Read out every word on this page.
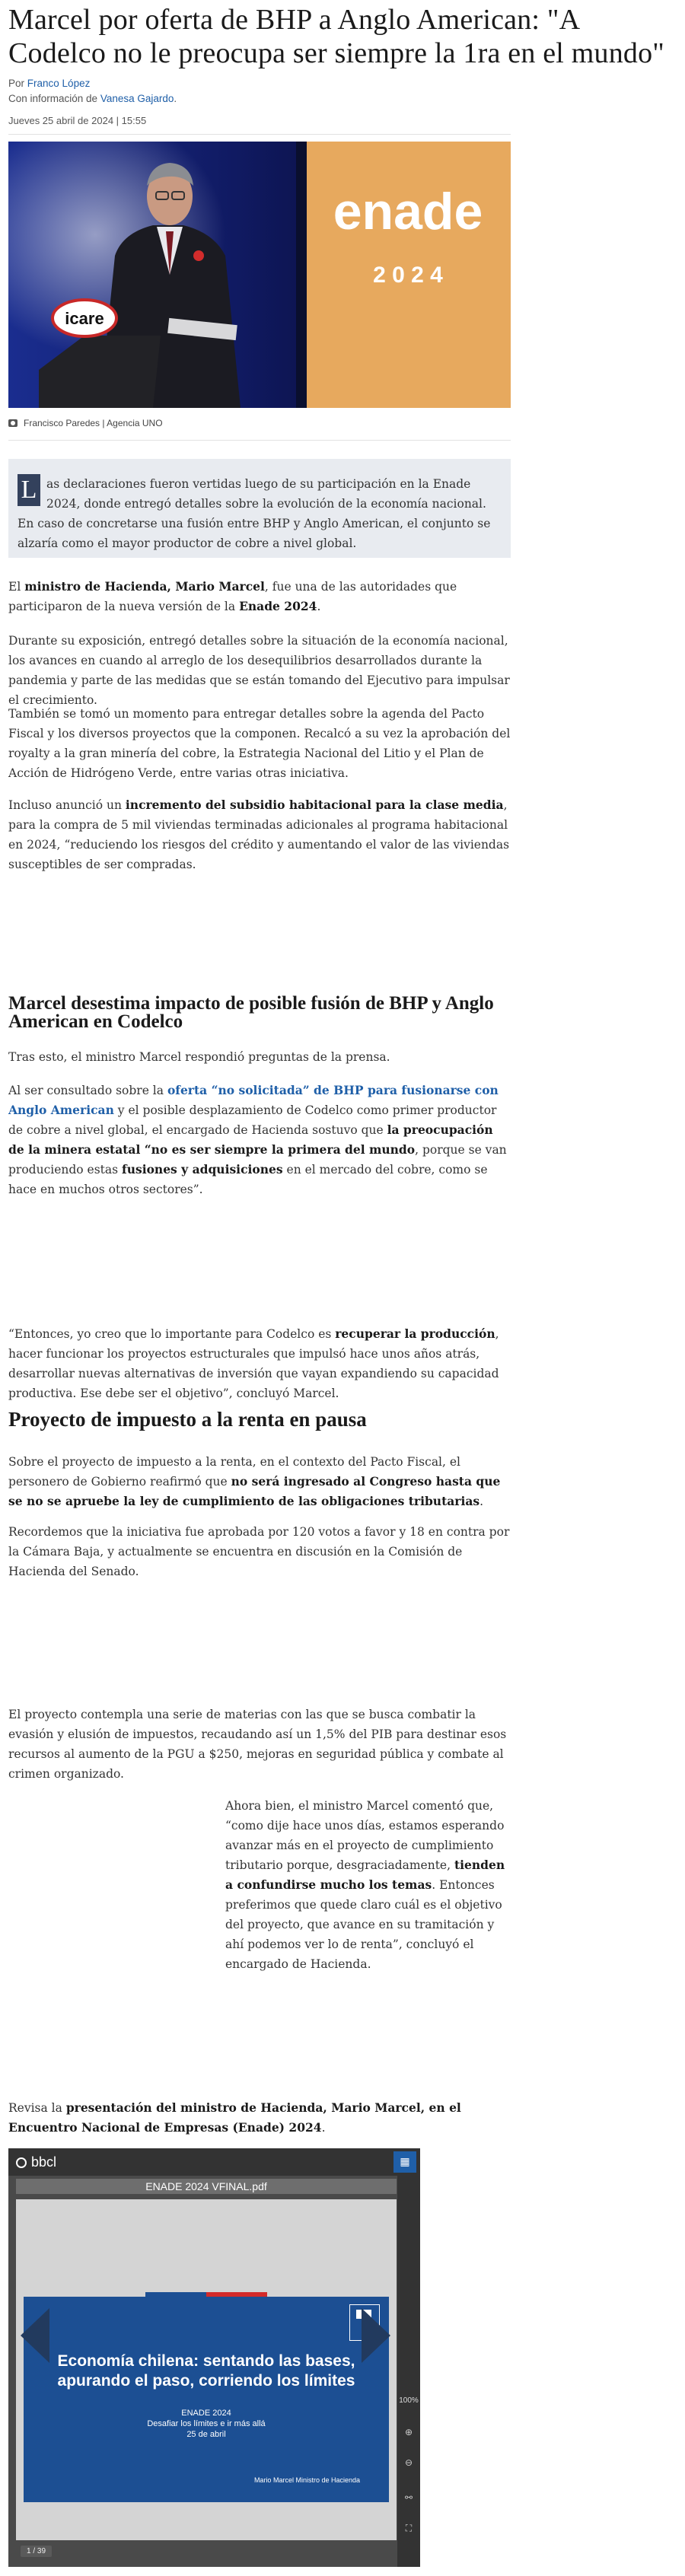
Marcel por oferta de BHP a Anglo American: "A Codelco no le preocupa ser siempre la 1ra en el mundo"
Por Franco López
Con información de Vanesa Gajardo.
Jueves 25 abril de 2024 | 15:55
enade
2 0 2 4
icare
Francisco Paredes | Agencia UNO
L as declaraciones fueron vertidas luego de su participación en la Enade 2024, donde entregó detalles sobre la evolución de la economía nacional. En caso de concretarse una fusión entre BHP y Anglo American, el conjunto se alzaría como el mayor productor de cobre a nivel global.

El ministro de Hacienda, Mario Marcel, fue una de las autoridades que participaron de la nueva versión de la Enade 2024.

Durante su exposición, entregó detalles sobre la situación de la economía nacional, los avances en cuando al arreglo de los desequilibrios desarrollados durante la pandemia y parte de las medidas que se están tomando del Ejecutivo para impulsar el crecimiento.

También se tomó un momento para entregar detalles sobre la agenda del Pacto Fiscal y los diversos proyectos que la componen. Recalcó a su vez la aprobación del royalty a la gran minería del cobre, la Estrategia Nacional del Litio y el Plan de Acción de Hidrógeno Verde, entre varias otras iniciativa.

Incluso anunció un incremento del subsidio habitacional para la clase media, para la compra de 5 mil viviendas terminadas adicionales al programa habitacional en 2024, “reduciendo los riesgos del crédito y aumentando el valor de las viviendas susceptibles de ser compradas.

Marcel desestima impacto de posible fusión de BHP y Anglo American en Codelco

Tras esto, el ministro Marcel respondió preguntas de la prensa.

Al ser consultado sobre la oferta “no solicitada” de BHP para fusionarse con Anglo American y el posible desplazamiento de Codelco como primer productor de cobre a nivel global, el encargado de Hacienda sostuvo que la preocupación de la minera estatal “no es ser siempre la primera del mundo, porque se van produciendo estas fusiones y adquisiciones en el mercado del cobre, como se hace en muchos otros sectores”.

“Entonces, yo creo que lo importante para Codelco es recuperar la producción, hacer funcionar los proyectos estructurales que impulsó hace unos años atrás, desarrollar nuevas alternativas de inversión que vayan expandiendo su capacidad productiva. Ese debe ser el objetivo”, concluyó Marcel.

Proyecto de impuesto a la renta en pausa

Sobre el proyecto de impuesto a la renta, en el contexto del Pacto Fiscal, el personero de Gobierno reafirmó que no será ingresado al Congreso hasta que se no se apruebe la ley de cumplimiento de las obligaciones tributarias.

Recordemos que la iniciativa fue aprobada por 120 votos a favor y 18 en contra por la Cámara Baja, y actualmente se encuentra en discusión en la Comisión de Hacienda del Senado.

El proyecto contempla una serie de materias con las que se busca combatir la evasión y elusión de impuestos, recaudando así un 1,5% del PIB para destinar esos recursos al aumento de la PGU a $250, mejoras en seguridad pública y combate al crimen organizado.

Ahora bien, el ministro Marcel comentó que, “como dije hace unos días, estamos esperando avanzar más en el proyecto de cumplimiento tributario porque, desgraciadamente, tienden a confundirse mucho los temas. Entonces preferimos que quede claro cuál es el objetivo del proyecto, que avance en su tramitación y ahí podemos ver lo de renta”, concluyó el encargado de Hacienda.

Revisa la presentación del ministro de Hacienda, Mario Marcel, en el Encuentro Nacional de Empresas (Enade) 2024.

bbcl	▦
ENADE 2024 VFINAL.pdf
Economía chilena: sentando las bases,
apurando el paso, corriendo los límites
ENADE 2024
Desafiar los límites e ir más allá
25 de abril
Mario Marcel Ministro de Hacienda
100%
⊕
⊖
⚯
⛶
1 / 39
